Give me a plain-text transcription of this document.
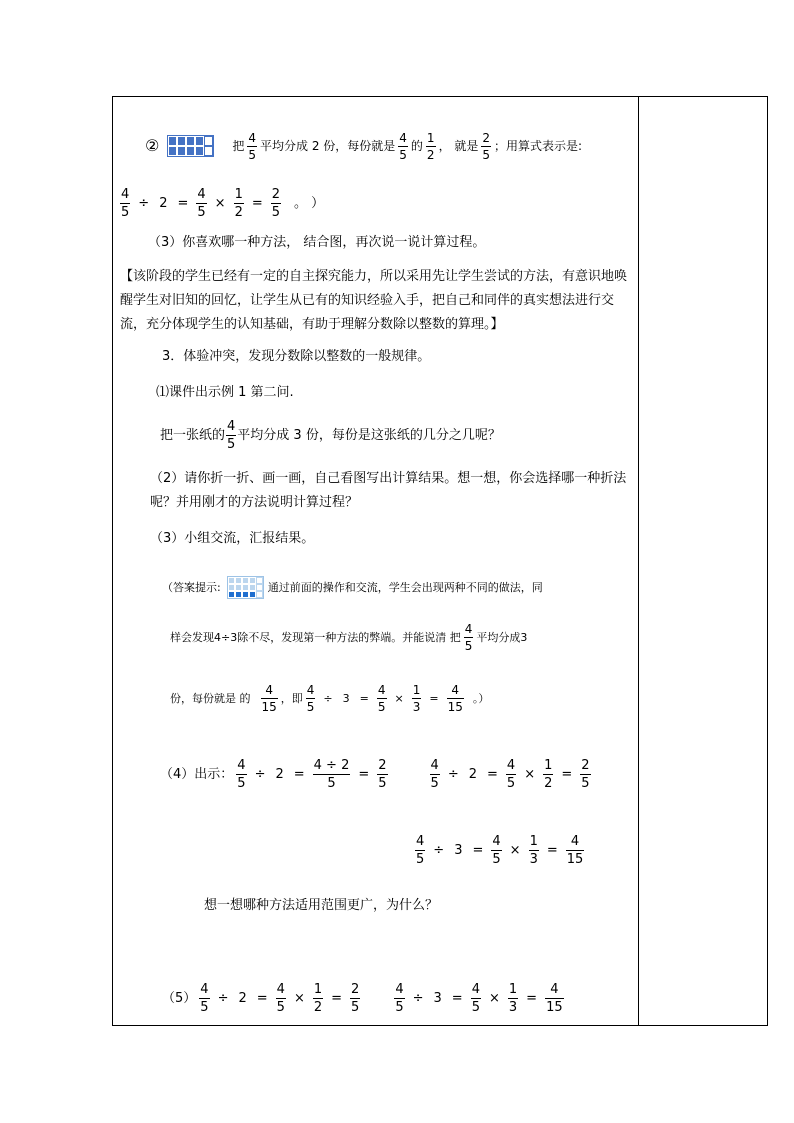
②	把 $\frac{4}{5}$ 平均分成 2 份，每份就是 $\frac{4}{5}$ 的 $\frac{1}{2}$ ， 就是 $\frac{2}{5}$ ；用算式表示是:
$\frac{4}{5} \div 2 = \frac{4}{5} \times \frac{1}{2} = \frac{2}{5}$ 。 ）
（3）你喜欢哪一种方法， 结合图，再次说一说计算过程。
【该阶段的学生已经有一定的自主探究能力，所以采用先让学生尝试的方法，有意识地唤醒学生对旧知的回忆，让学生从已有的知识经验入手，把自己和同伴的真实想法进行交流，充分体现学生的认知基础，有助于理解分数除以整数的算理。】
3．体验冲突，发现分数除以整数的一般规律。
⑴课件出示例 1 第二问.
把一张纸的 $\frac{4}{5}$ 平均分成 3 份，每份是这张纸的几分之几呢？
（2）请你折一折、画一画，自己看图写出计算结果。想一想，你会选择哪一种折法呢？并用刚才的方法说明计算过程？
（3）小组交流，汇报结果。
（答案提示:	通过前面的操作和交流，学生会出现两种不同的做法，同
样会发现4÷3除不尽，发现第一种方法的弊端。并能说清 把 $\frac{4}{5}$ 平均分成3
份，每份就是 的 $\frac{4}{15}$ ，即 $\frac{4}{5} \div 3 = \frac{4}{5} \times \frac{1}{3} = \frac{4}{15}$ 。）
（4）出示： $\frac{4}{5} \div 2 = \frac{4 \div 2}{5} = \frac{2}{5}$	$\frac{4}{5} \div 2 = \frac{4}{5} \times \frac{1}{2} = \frac{2}{5}$
$\frac{4}{5} \div 3 = \frac{4}{5} \times \frac{1}{3} = \frac{4}{15}$
想一想哪种方法适用范围更广，为什么？
$(5) \frac{4}{5} \div 2 = \frac{4}{5} \times \frac{1}{2} = \frac{2}{5}$	$\frac{4}{5} \div 3 = \frac{4}{5} \times \frac{1}{3} = \frac{4}{15}$
